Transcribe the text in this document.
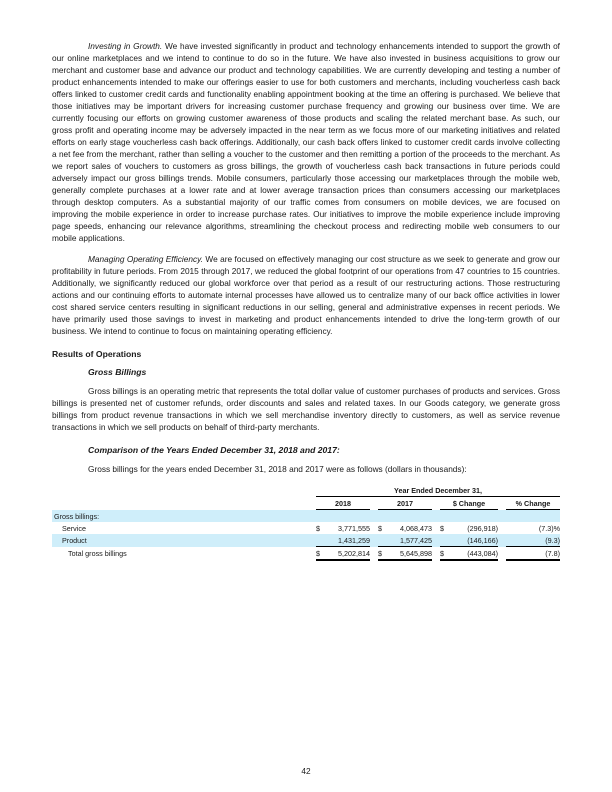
Investing in Growth. We have invested significantly in product and technology enhancements intended to support the growth of our online marketplaces and we intend to continue to do so in the future. We have also invested in business acquisitions to grow our merchant and customer base and advance our product and technology capabilities. We are currently developing and testing a number of product enhancements intended to make our offerings easier to use for both customers and merchants, including voucherless cash back offers linked to customer credit cards and functionality enabling appointment booking at the time an offering is purchased. We believe that those initiatives may be important drivers for increasing customer purchase frequency and growing our business over time. We are currently focusing our efforts on growing customer awareness of those products and scaling the related merchant base. As such, our gross profit and operating income may be adversely impacted in the near term as we focus more of our marketing initiatives and related efforts on early stage voucherless cash back offerings. Additionally, our cash back offers linked to customer credit cards involve collecting a net fee from the merchant, rather than selling a voucher to the customer and then remitting a portion of the proceeds to the merchant. As we report sales of vouchers to customers as gross billings, the growth of voucherless cash back transactions in future periods could adversely impact our gross billings trends. Mobile consumers, particularly those accessing our marketplaces through the mobile web, generally complete purchases at a lower rate and at lower average transaction prices than consumers accessing our marketplaces through desktop computers. As a substantial majority of our traffic comes from consumers on mobile devices, we are focused on improving the mobile experience in order to increase purchase rates. Our initiatives to improve the mobile experience include improving page speeds, enhancing our relevance algorithms, streamlining the checkout process and redirecting mobile web consumers to our mobile applications.

Managing Operating Efficiency. We are focused on effectively managing our cost structure as we seek to generate and grow our profitability in future periods. From 2015 through 2017, we reduced the global footprint of our operations from 47 countries to 15 countries. Additionally, we significantly reduced our global workforce over that period as a result of our restructuring actions. Those restructuring actions and our continuing efforts to automate internal processes have allowed us to centralize many of our back office activities in lower cost shared service centers resulting in significant reductions in our selling, general and administrative expenses in recent periods. We have primarily used those savings to invest in marketing and product enhancements intended to drive the long-term growth of our business. We intend to continue to focus on maintaining operating efficiency.

Results of Operations
Gross Billings

Gross billings is an operating metric that represents the total dollar value of customer purchases of products and services. Gross billings is presented net of customer refunds, order discounts and sales and related taxes. In our Goods category, we generate gross billings from product revenue transactions in which we sell merchandise inventory directly to customers, as well as service revenue transactions in which we sell products on behalf of third-party merchants.

Comparison of the Years Ended December 31, 2018 and 2017:

Gross billings for the years ended December 31, 2018 and 2017 were as follows (dollars in thousands):

		Year Ended December 31,									
		2018			2017			$ Change			% Change
Gross billings:											
Service		$	3,771,555		$	4,068,473		$	(296,918)		(7.3)%
Product			1,431,259			1,577,425			(146,166)		(9.3)
Total gross billings		$	5,202,814		$	5,645,898		$	(443,084)		(7.8)
42
